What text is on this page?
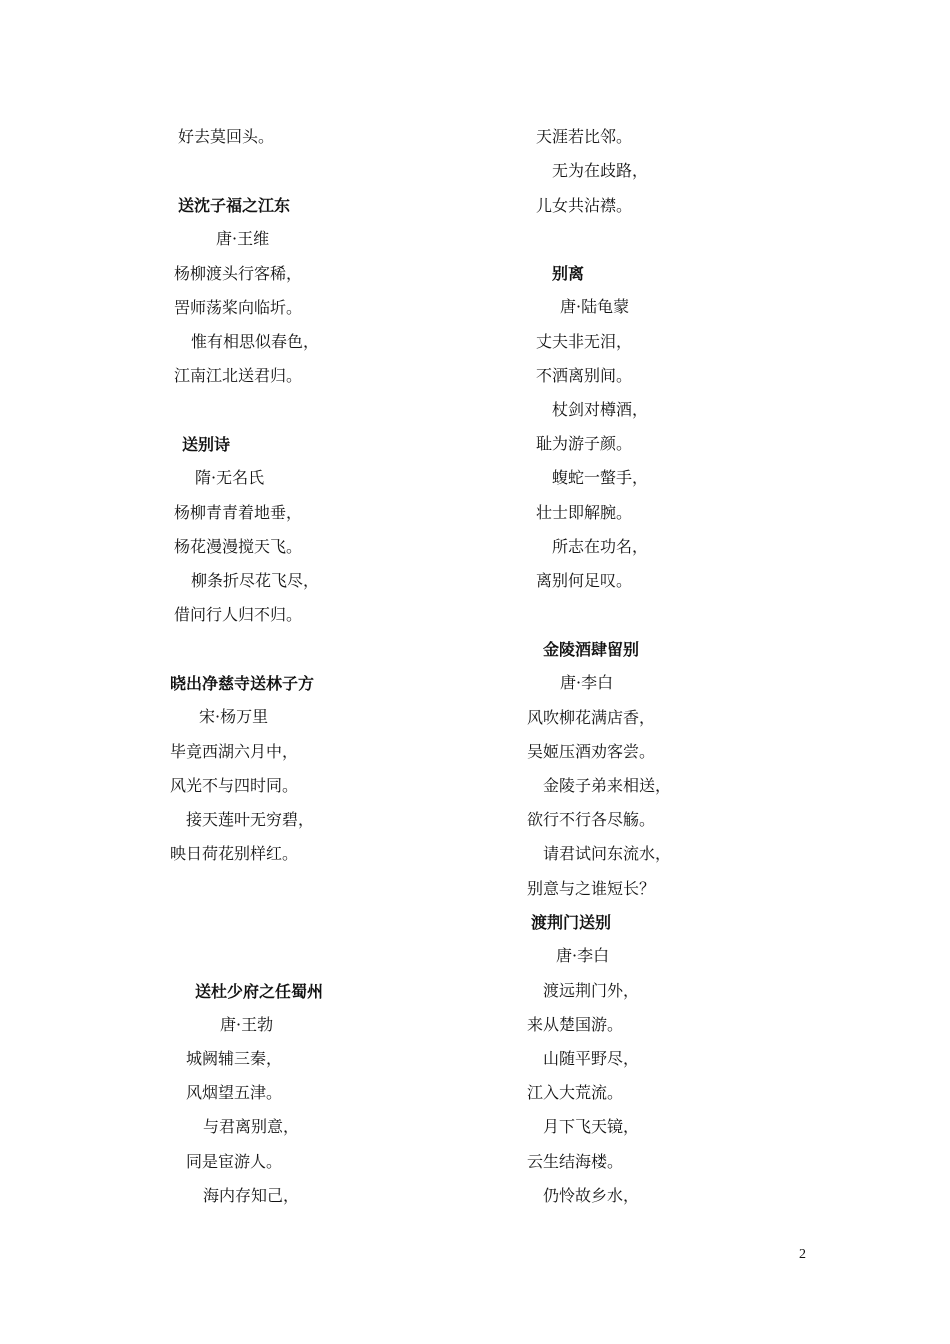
好去莫回头。
送沈子福之江东
唐·王维
杨柳渡头行客稀，
罟师荡桨向临圻。
惟有相思似春色，
江南江北送君归。
送别诗
隋·无名氏
杨柳青青着地垂，
杨花漫漫搅天飞。
柳条折尽花飞尽，
借问行人归不归。
晓出净慈寺送林子方
宋·杨万里
毕竟西湖六月中，
风光不与四时同。
接天莲叶无穷碧，
映日荷花别样红。
送杜少府之任蜀州
唐·王勃
城阙辅三秦，
风烟望五津。
与君离别意，
同是宦游人。
海内存知己，
天涯若比邻。
无为在歧路，
儿女共沾襟。
别离
唐·陆龟蒙
丈夫非无泪，
不洒离别间。
杖剑对樽酒，
耻为游子颜。
蝮蛇一螫手，
壮士即解腕。
所志在功名，
离别何足叹。
金陵酒肆留别
唐·李白
风吹柳花满店香，
吴姬压酒劝客尝。
金陵子弟来相送，
欲行不行各尽觞。
请君试问东流水，
别意与之谁短长？
渡荆门送别
唐·李白
渡远荆门外，
来从楚国游。
山随平野尽，
江入大荒流。
月下飞天镜，
云生结海楼。
仍怜故乡水，
2
